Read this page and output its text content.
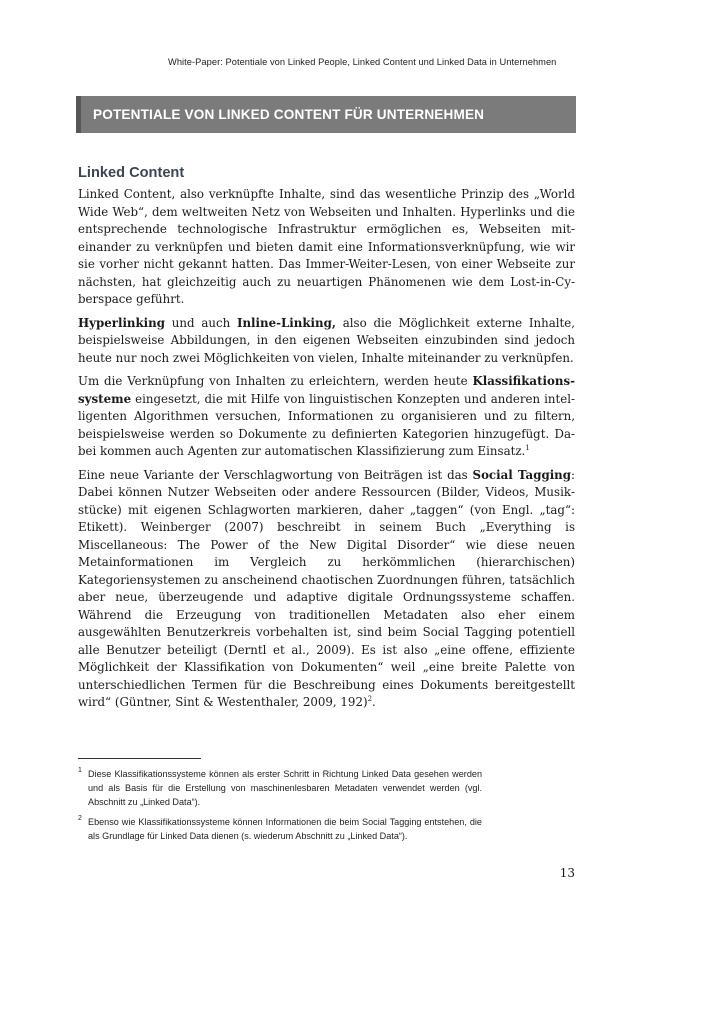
White-Paper: Potentiale von Linked People, Linked Content und Linked Data in Unternehmen
POTENTIALE VON LINKED CONTENT FÜR UNTERNEHMEN
Linked Content

Linked Content, also verknüpfte Inhalte, sind das wesentliche Prinzip des „World Wide Web“, dem weltweiten Netz von Webseiten und Inhalten. Hyperlinks und die entsprechende technologische Infrastruktur ermöglichen es, Webseiten miteinander zu verknüpfen und bieten damit eine Informationsverknüpfung, wie wir sie vorher nicht gekannt hatten. Das Immer-Weiter-Lesen, von einer Webseite zur nächsten, hat gleichzeitig auch zu neuartigen Phänomenen wie dem Lost-in-Cyberspace geführt.

Hyperlinking und auch Inline-Linking, also die Möglichkeit externe Inhalte, beispielsweise Abbildungen, in den eigenen Webseiten einzubinden sind jedoch heute nur noch zwei Möglichkeiten von vielen, Inhalte miteinander zu verknüpfen.

Um die Verknüpfung von Inhalten zu erleichtern, werden heute Klassifikationssysteme eingesetzt, die mit Hilfe von linguistischen Konzepten und anderen intelligenten Algorithmen versuchen, Informationen zu organisieren und zu filtern, beispielsweise werden so Dokumente zu definierten Kategorien hinzugefügt. Dabei kommen auch Agenten zur automatischen Klassifizierung zum Einsatz.$^1$

Eine neue Variante der Verschlagwortung von Beiträgen ist das Social Tagging: Dabei können Nutzer Webseiten oder andere Ressourcen (Bilder, Videos, Musikstücke) mit eigenen Schlagworten markieren, daher „taggen“ (von Engl. „tag“: Etikett). Weinberger (2007) beschreibt in seinem Buch „Everything is Miscellaneous: The Power of the New Digital Disorder“ wie diese neuen Metainformationen im Vergleich zu herkömmlichen (hierarchischen) Kategoriensystemen zu anscheinend chaotischen Zuordnungen führen, tatsächlich aber neue, überzeugende und adaptive digitale Ordnungssysteme schaffen. Während die Erzeugung von traditionellen Metadaten also eher einem ausgewählten Benutzerkreis vorbehalten ist, sind beim Social Tagging potentiell alle Benutzer beteiligt (Derntl et al., 2009). Es ist also „eine offene, effiziente Möglichkeit der Klassifikation von Dokumenten“ weil „eine breite Palette von unterschiedlichen Termen für die Beschreibung eines Dokuments bereitgestellt wird“ (Güntner, Sint & Westenthaler, 2009, 192)$^2$.

1 Diese Klassifikationssysteme können als erster Schritt in Richtung Linked Data gesehen werden und als Basis für die Erstellung von maschinenlesbaren Metadaten verwendet werden (vgl. Abschnitt zu „Linked Data“).
2 Ebenso wie Klassifikationssysteme können Informationen die beim Social Tagging entstehen, die als Grundlage für Linked Data dienen (s. wiederum Abschnitt zu „Linked Data“).
13
